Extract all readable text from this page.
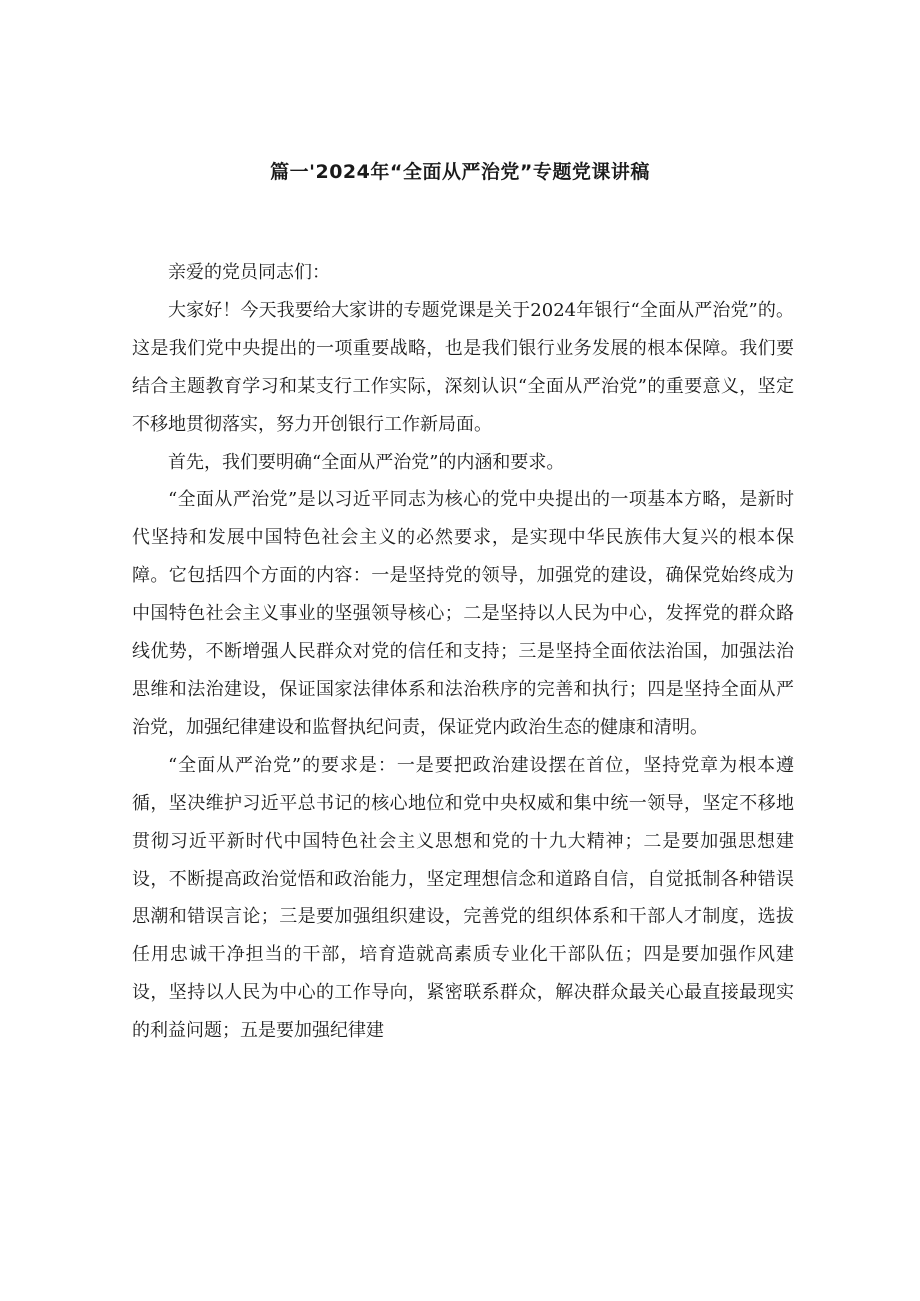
篇一'2024年“全面从严治党”专题党课讲稿

亲爱的党员同志们：

大家好！今天我要给大家讲的专题党课是关于2024年银行“全面从严治党”的。这是我们党中央提出的一项重要战略，也是我们银行业务发展的根本保障。我们要结合主题教育学习和某支行工作实际，深刻认识“全面从严治党”的重要意义，坚定不移地贯彻落实，努力开创银行工作新局面。

首先，我们要明确“全面从严治党”的内涵和要求。

“全面从严治党”是以习近平同志为核心的党中央提出的一项基本方略，是新时代坚持和发展中国特色社会主义的必然要求，是实现中华民族伟大复兴的根本保障。它包括四个方面的内容：一是坚持党的领导，加强党的建设，确保党始终成为中国特色社会主义事业的坚强领导核心；二是坚持以人民为中心，发挥党的群众路线优势，不断增强人民群众对党的信任和支持；三是坚持全面依法治国，加强法治思维和法治建设，保证国家法律体系和法治秩序的完善和执行；四是坚持全面从严治党，加强纪律建设和监督执纪问责，保证党内政治生态的健康和清明。

“全面从严治党”的要求是：一是要把政治建设摆在首位，坚持党章为根本遵循，坚决维护习近平总书记的核心地位和党中央权威和集中统一领导，坚定不移地贯彻习近平新时代中国特色社会主义思想和党的十九大精神；二是要加强思想建设，不断提高政治觉悟和政治能力，坚定理想信念和道路自信，自觉抵制各种错误思潮和错误言论；三是要加强组织建设，完善党的组织体系和干部人才制度，选拔任用忠诚干净担当的干部，培育造就高素质专业化干部队伍；四是要加强作风建设，坚持以人民为中心的工作导向，紧密联系群众，解决群众最关心最直接最现实的利益问题；五是要加强纪律建
